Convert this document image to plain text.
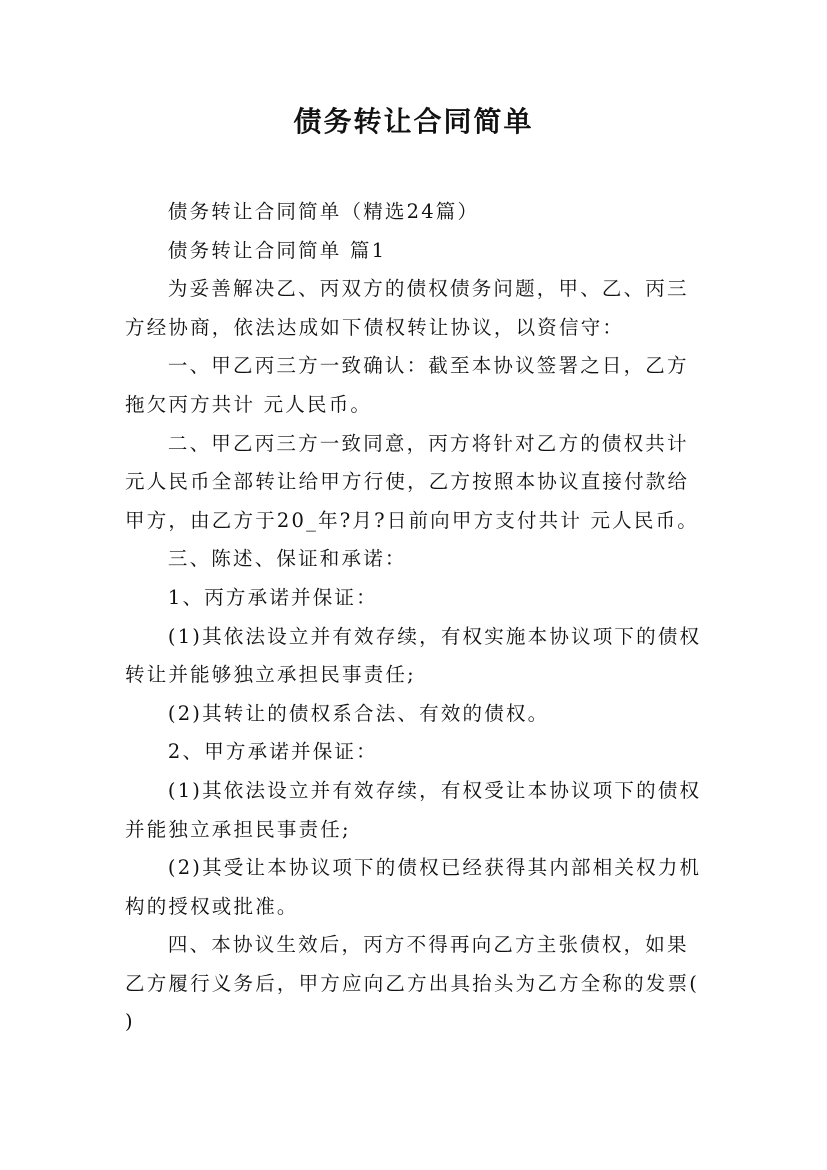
债务转让合同简单

债务转让合同简单（精选24篇）

债务转让合同简单 篇1

为妥善解决乙、丙双方的债权债务问题，甲、乙、丙三方经协商，依法达成如下债权转让协议，以资信守：

一、甲乙丙三方一致确认：截至本协议签署之日，乙方拖欠丙方共计 元人民币。

二、甲乙丙三方一致同意，丙方将针对乙方的债权共计 元人民币全部转让给甲方行使，乙方按照本协议直接付款给甲方，由乙方于20_年?月?日前向甲方支付共计 元人民币。

三、陈述、保证和承诺：

1、丙方承诺并保证：

(1)其依法设立并有效存续，有权实施本协议项下的债权转让并能够独立承担民事责任;

(2)其转让的债权系合法、有效的债权。

2、甲方承诺并保证：

(1)其依法设立并有效存续，有权受让本协议项下的债权并能独立承担民事责任;

(2)其受让本协议项下的债权已经获得其内部相关权力机构的授权或批准。

四、本协议生效后，丙方不得再向乙方主张债权，如果乙方履行义务后，甲方应向乙方出具抬头为乙方全称的发票( )
